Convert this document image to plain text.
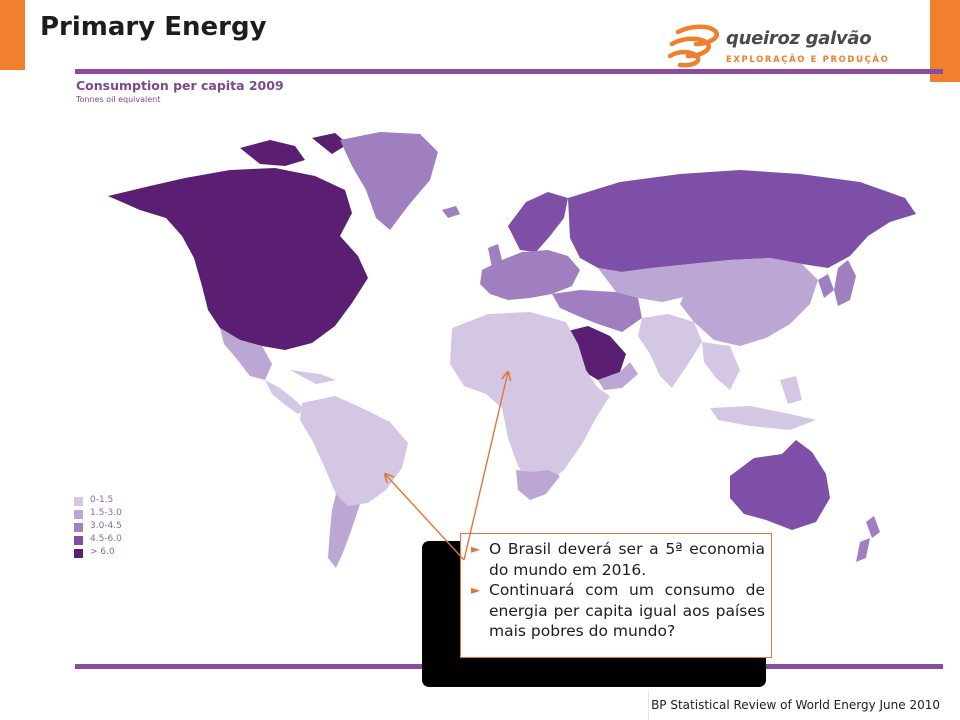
Primary Energy	queiroz galvão
EXPLORAÇÃO E PRODUÇÃO
Consumption per capita 2009
Tonnes oil equivalent
0-1.5
1.5-3.0
3.0-4.5
4.5-6.0
> 6.0	► O Brasil deverá ser a 5ª economia do mundo em 2016.
► Continuará com um consumo de energia per capita igual aos países mais pobres do mundo?
BP Statistical Review of World Energy June 2010
